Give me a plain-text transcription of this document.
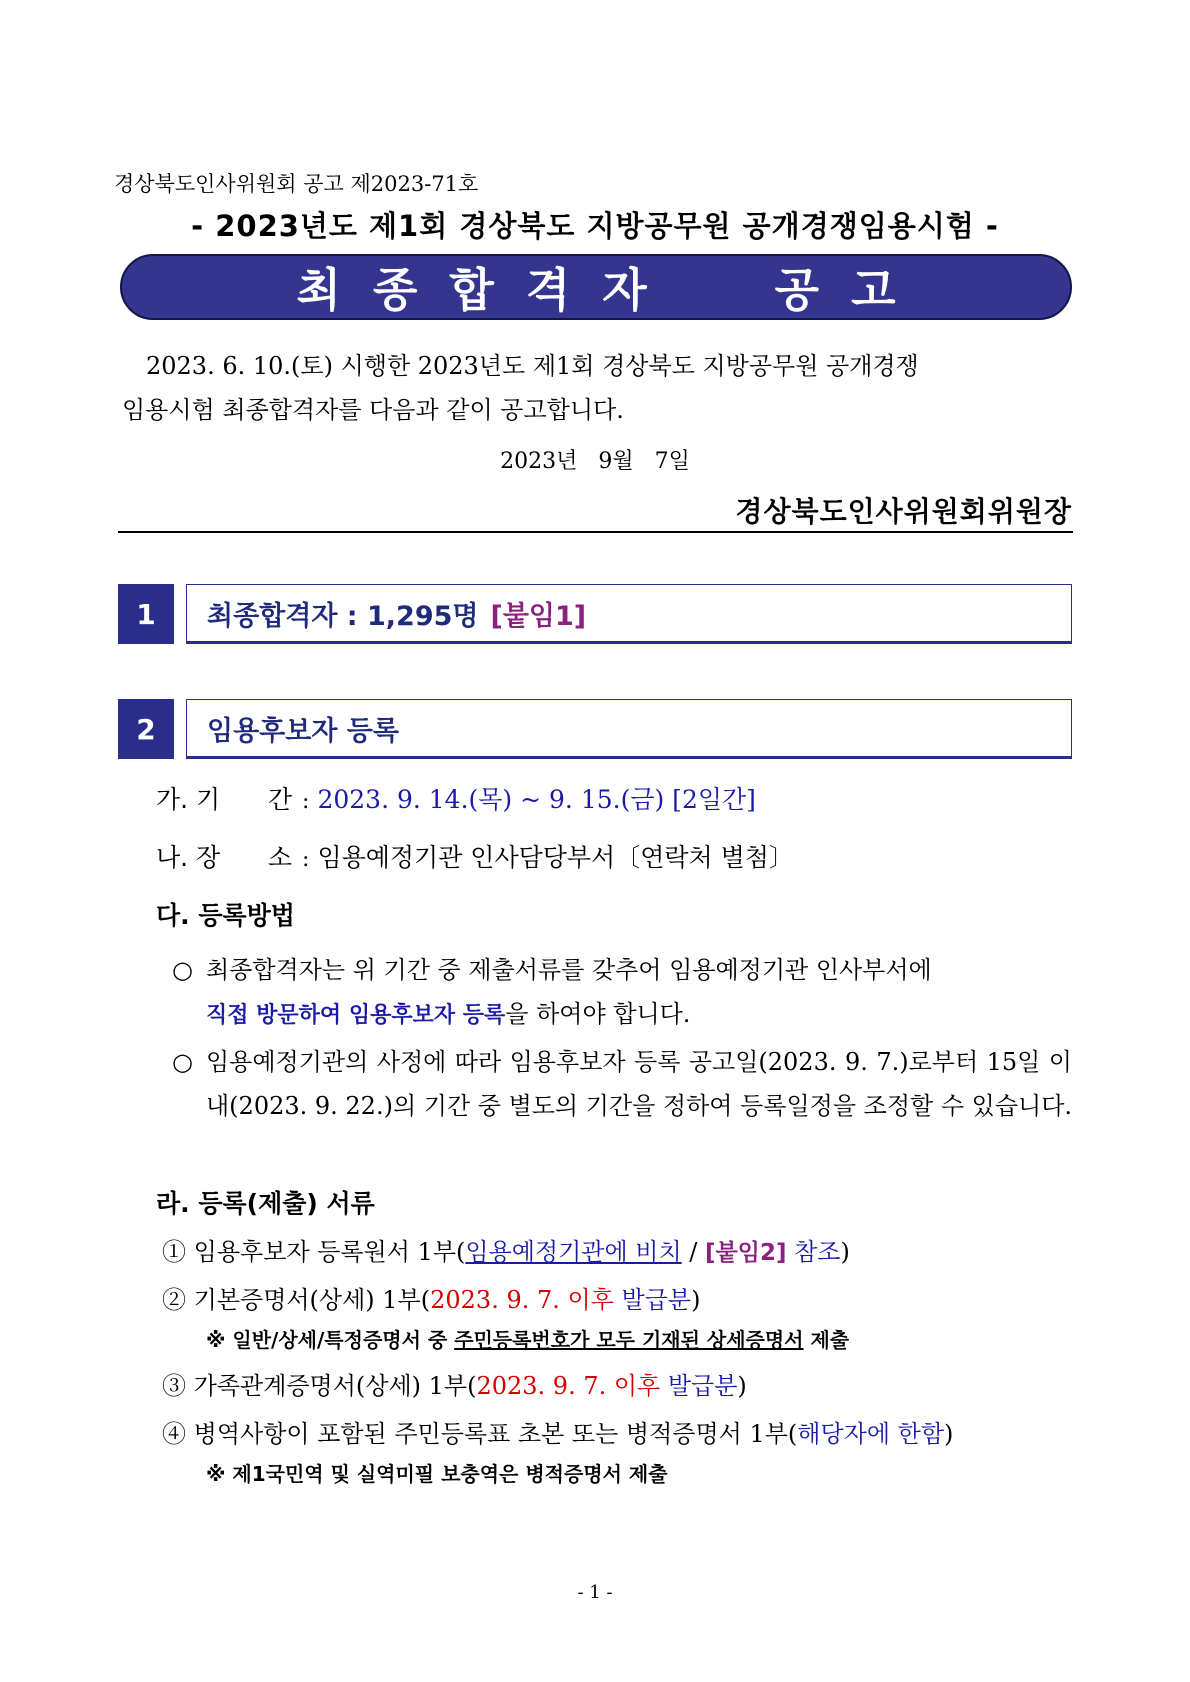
경상북도인사위원회 공고 제2023-71호
- 2023년도 제1회 경상북도 지방공무원 공개경쟁임용시험 -
최종합격자  공고

2023. 6. 10.(토) 시행한 2023년도 제1회 경상북도 지방공무원 공개경쟁

임용시험 최종합격자를 다음과 같이 공고합니다.

2023년   9월   7일
경상북도인사위원회위원장
1	최종합격자 : 1,295명 [붙임1]
2	임용후보자 등록
가. 기      간 : 2023. 9. 14.(목) ~ 9. 15.(금) [2일간]
나. 장      소 : 임용예정기관 인사담당부서〔연락처 별첨〕
다. 등록방법
○ 최종합격자는 위 기간 중 제출서류를 갖추어 임용예정기관 인사부서에
직접 방문하여 임용후보자 등록을 하여야 합니다.
○ 임용예정기관의 사정에 따라 임용후보자 등록 공고일(2023. 9. 7.)로부터 15일 이내(2023. 9. 22.)의 기간 중 별도의 기간을 정하여 등록일정을 조정할 수 있습니다.
라. 등록(제출) 서류
① 임용후보자 등록원서 1부(임용예정기관에 비치 / [붙임2] 참조)
② 기본증명서(상세) 1부(2023. 9. 7. 이후 발급분)
※ 일반/상세/특정증명서 중 주민등록번호가 모두 기재된 상세증명서 제출
③ 가족관계증명서(상세) 1부(2023. 9. 7. 이후 발급분)
④ 병역사항이 포함된 주민등록표 초본 또는 병적증명서 1부(해당자에 한함)
※ 제1국민역 및 실역미필 보충역은 병적증명서 제출
- 1 -
